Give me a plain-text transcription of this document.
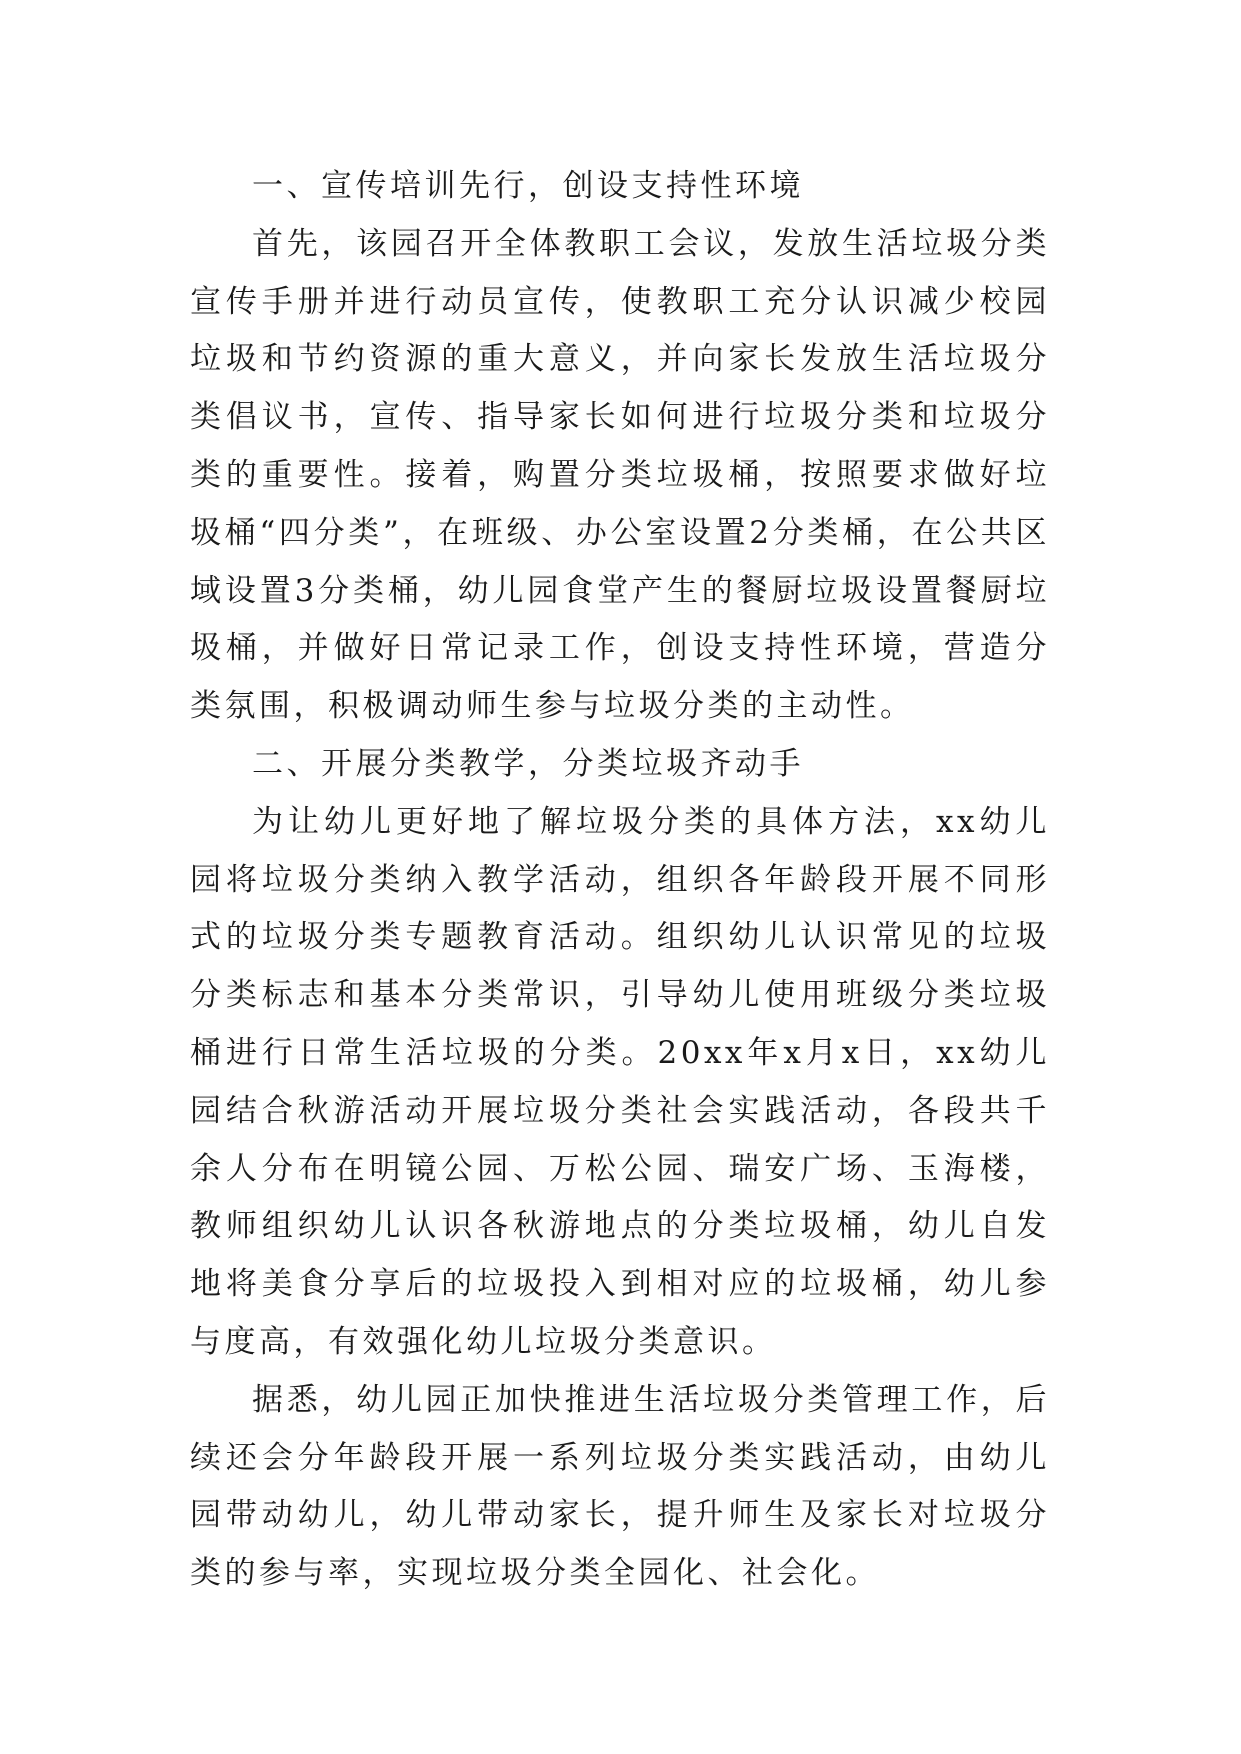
一、宣传培训先行，创设支持性环境

首先，该园召开全体教职工会议，发放生活垃圾分类宣传手册并进行动员宣传，使教职工充分认识减少校园垃圾和节约资源的重大意义，并向家长发放生活垃圾分类倡议书，宣传、指导家长如何进行垃圾分类和垃圾分类的重要性。接着，购置分类垃圾桶，按照要求做好垃圾桶“四分类”，在班级、办公室设置2分类桶，在公共区域设置3分类桶，幼儿园食堂产生的餐厨垃圾设置餐厨垃圾桶，并做好日常记录工作，创设支持性环境，营造分类氛围，积极调动师生参与垃圾分类的主动性。

二、开展分类教学，分类垃圾齐动手

为让幼儿更好地了解垃圾分类的具体方法，xx幼儿园将垃圾分类纳入教学活动，组织各年龄段开展不同形式的垃圾分类专题教育活动。组织幼儿认识常见的垃圾分类标志和基本分类常识，引导幼儿使用班级分类垃圾桶进行日常生活垃圾的分类。20xx年x月x日，xx幼儿园结合秋游活动开展垃圾分类社会实践活动，各段共千余人分布在明镜公园、万松公园、瑞安广场、玉海楼，教师组织幼儿认识各秋游地点的分类垃圾桶，幼儿自发地将美食分享后的垃圾投入到相对应的垃圾桶，幼儿参与度高，有效强化幼儿垃圾分类意识。

据悉，幼儿园正加快推进生活垃圾分类管理工作，后续还会分年龄段开展一系列垃圾分类实践活动，由幼儿园带动幼儿，幼儿带动家长，提升师生及家长对垃圾分类的参与率，实现垃圾分类全园化、社会化。
